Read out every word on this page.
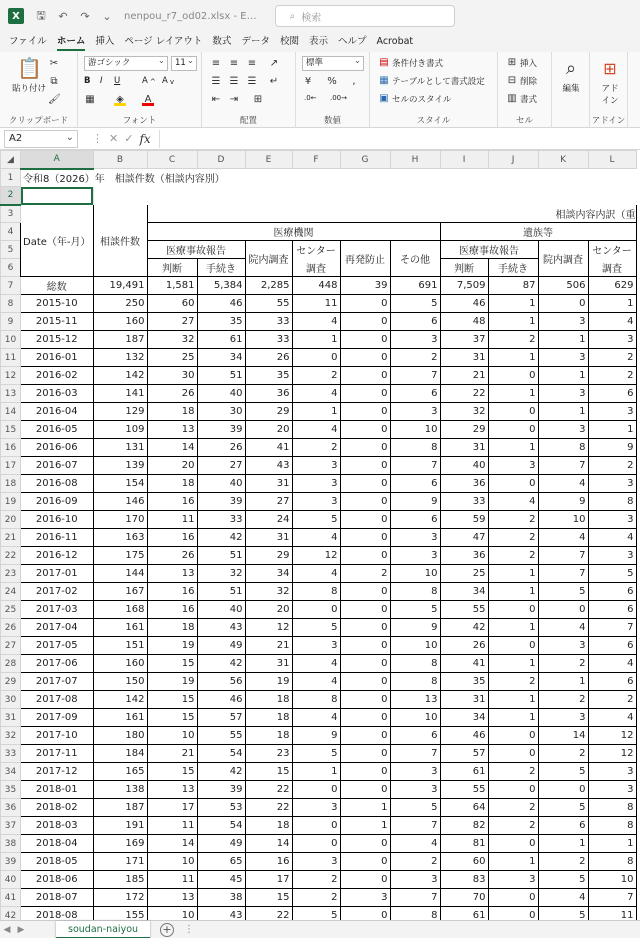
X	🖫	↶	↷	⌄	nenpou_r7_od02.xlsx - E…	⌕ 検索
ファイル	ホーム	挿入	ページ レイアウト	数式	データ	校閲	表示	ヘルプ	Acrobat
📋
貼り付け
✂
⧉
🖌
クリップボード
游ゴシック ⌄	11 ⌄
B I U	A ^ A v
▦ ◈ A
フォント
≡ ≡ ≡ ↗
☰ ☰ ☰ ↵
⇤ ⇥ ⊞
配置
標準 ⌄
¥ %	,
.0← .00→
数値
▤ 条件付き書式
▦ テーブルとして書式設定
▣ セルのスタイル
スタイル
⊞ 挿入
⊟ 削除
▥ 書式
セル
⌕
編集
⊞
アド イン
アドイン
A2 ⌄	⋮✕✓ fx
◢	A	B	C	D	E	F	G	H	I	J	K	L
1	令和8（2026）年　相談件数（相談内容別）											
2												
3	Date（年-月）	相談件数	相談内容内訳（重									
4			医療機関						遺族等			
5			医療事故報告		院内調査	センター	再発防止	その他	医療事故報告		院内調査	センター
6			判断	手続き		調査			判断	手続き		調査
7	総数	19,491	1,581	5,384	2,285	448	39	691	7,509	87	506	629
8	2015-10	250	60	46	55	11	0	5	46	1	0	1
9	2015-11	160	27	35	33	4	0	6	48	1	3	4
10	2015-12	187	32	61	33	1	0	3	37	2	1	3
11	2016-01	132	25	34	26	0	0	2	31	1	3	2
12	2016-02	142	30	51	35	2	0	7	21	0	1	2
13	2016-03	141	26	40	36	4	0	6	22	1	3	6
14	2016-04	129	18	30	29	1	0	3	32	0	1	3
15	2016-05	109	13	39	20	4	0	10	29	0	3	1
16	2016-06	131	14	26	41	2	0	8	31	1	8	9
17	2016-07	139	20	27	43	3	0	7	40	3	7	2
18	2016-08	154	18	40	31	3	0	6	36	0	4	3
19	2016-09	146	16	39	27	3	0	9	33	4	9	8
20	2016-10	170	11	33	24	5	0	6	59	2	10	3
21	2016-11	163	16	42	31	4	0	3	47	2	4	4
22	2016-12	175	26	51	29	12	0	3	36	2	7	3
23	2017-01	144	13	32	34	4	2	10	25	1	7	5
24	2017-02	167	16	51	32	8	0	8	34	1	5	6
25	2017-03	168	16	40	20	0	0	5	55	0	0	6
26	2017-04	161	18	43	12	5	0	9	42	1	4	7
27	2017-05	151	19	49	21	3	0	10	26	0	3	6
28	2017-06	160	15	42	31	4	0	8	41	1	2	4
29	2017-07	150	19	56	19	4	0	8	35	2	1	6
30	2017-08	142	15	46	18	8	0	13	31	1	2	2
31	2017-09	161	15	57	18	4	0	10	34	1	3	4
32	2017-10	180	10	55	18	9	0	6	46	0	14	12
33	2017-11	184	21	54	23	5	0	7	57	0	2	12
34	2017-12	165	15	42	15	1	0	3	61	2	5	3
35	2018-01	138	13	39	22	0	0	3	55	0	0	3
36	2018-02	187	17	53	22	3	1	5	64	2	5	8
37	2018-03	191	11	54	18	0	1	7	82	2	6	8
38	2018-04	169	14	49	14	0	0	4	81	0	1	1
39	2018-05	171	10	65	16	3	0	2	60	1	2	8
40	2018-06	185	11	45	17	2	0	3	83	3	5	10
41	2018-07	172	13	38	15	2	3	7	70	0	4	7
42	2018-08	155	10	43	22	5	0	8	61	0	5	11

◀ ▶	soudan-naiyou	+ ⋮
